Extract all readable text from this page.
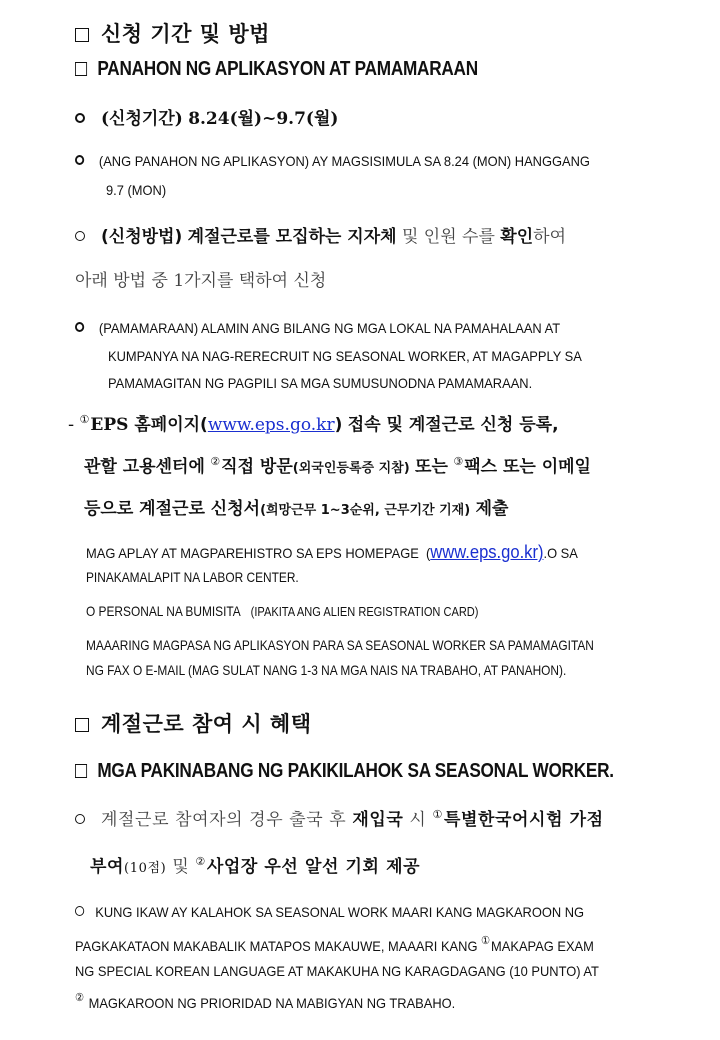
신청 기간 및 방법
PANAHON NG APLIKASYON AT PAMAMARAAN
(신청기간) 8.24(월)~9.7(월)
(ANG PANAHON NG APLIKASYON) AY MAGSISIMULA SA 8.24 (MON) HANGGANG
9.7 (MON)
(신청방법) 계절근로를 모집하는 지자체 및 인원 수를 확인하여
아래 방법 중 1가지를 택하여 신청
(PAMAMARAAN) ALAMIN ANG BILANG NG MGA LOKAL NA PAMAHALAAN AT
KUMPANYA NA NAG-RERECRUIT NG SEASONAL WORKER, AT MAGAPPLY SA
PAMAMAGITAN NG PAGPILI SA MGA SUMUSUNODNA PAMAMARAAN.
- ①EPS 홈페이지(www.eps.go.kr) 접속 및 계절근로 신청 등록,
관할 고용센터에 ②직접 방문(외국인등록증 지참) 또는 ③팩스 또는 이메일
등으로 계절근로 신청서(희망근무 1~3순위, 근무기간 기재) 제출
MAG APLAY AT MAGPAREHISTRO SA EPS HOMEPAGE  (www.eps.go.kr).O SA
PINAKAMALAPIT NA LABOR CENTER.
O PERSONAL NA BUMISITA (IPAKITA ANG ALIEN REGISTRATION CARD)
MAAARING MAGPASA NG APLIKASYON PARA SA SEASONAL WORKER SA PAMAMAGITAN
NG FAX O E-MAIL (MAG SULAT NANG 1-3 NA MGA NAIS NA TRABAHO, AT PANAHON).
계절근로 참여 시 혜택
MGA PAKINABANG NG PAKIKILAHOK SA SEASONAL WORKER.
계절근로 참여자의 경우 출국 후 재입국 시 ①특별한국어시험 가점
부여(10점) 및 ②사업장 우선 알선 기회 제공
KUNG IKAW AY KALAHOK SA SEASONAL WORK MAARI KANG MAGKAROON NG
PAGKAKATAON MAKABALIK MATAPOS MAKAUWE, MAAARI KANG ①MAKAPAG EXAM
NG SPECIAL KOREAN LANGUAGE AT MAKAKUHA NG KARAGDAGANG (10 PUNTO) AT
② MAGKAROON NG PRIORIDAD NA MABIGYAN NG TRABAHO.
